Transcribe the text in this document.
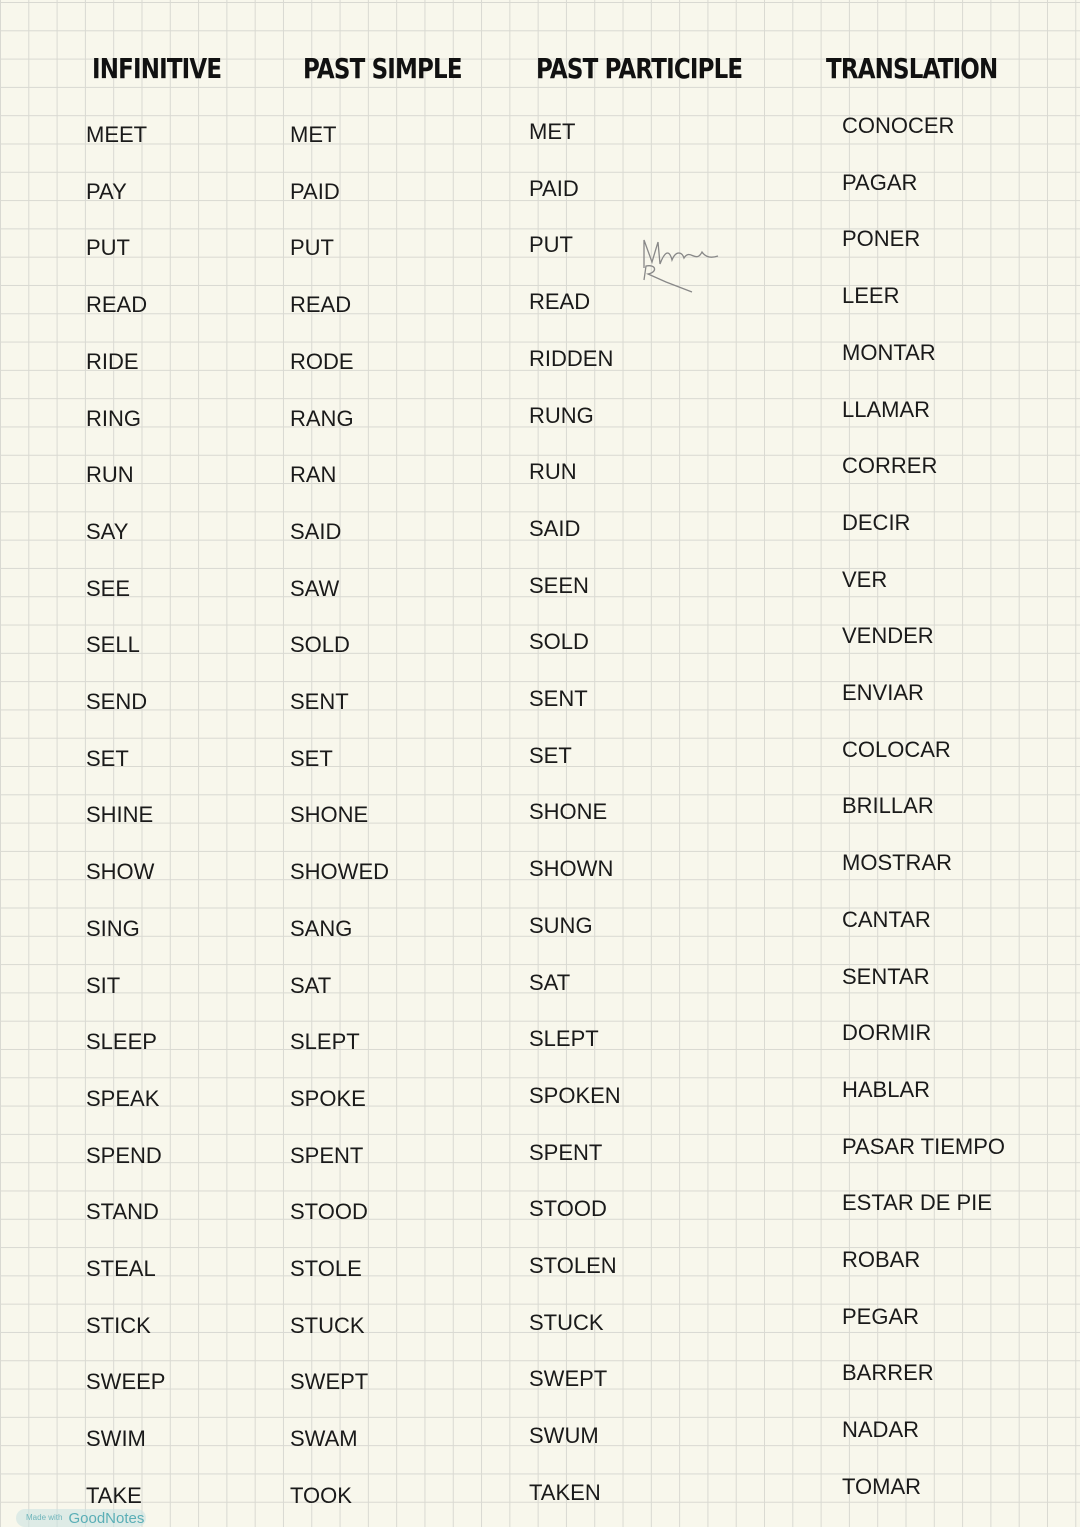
INFINITIVE	PAST SIMPLE	PAST PARTICIPLE	TRANSLATION
Made with GoodNotes
MEET	MET	MET	CONOCER
PAY	PAID	PAID	PAGAR
PUT	PUT	PUT	PONER
READ	READ	READ	LEER
RIDE	RODE	RIDDEN	MONTAR
RING	RANG	RUNG	LLAMAR
RUN	RAN	RUN	CORRER
SAY	SAID	SAID	DECIR
SEE	SAW	SEEN	VER
SELL	SOLD	SOLD	VENDER
SEND	SENT	SENT	ENVIAR
SET	SET	SET	COLOCAR
SHINE	SHONE	SHONE	BRILLAR
SHOW	SHOWED	SHOWN	MOSTRAR
SING	SANG	SUNG	CANTAR
SIT	SAT	SAT	SENTAR
SLEEP	SLEPT	SLEPT	DORMIR
SPEAK	SPOKE	SPOKEN	HABLAR
SPEND	SPENT	SPENT	PASAR TIEMPO
STAND	STOOD	STOOD	ESTAR DE PIE
STEAL	STOLE	STOLEN	ROBAR
STICK	STUCK	STUCK	PEGAR
SWEEP	SWEPT	SWEPT	BARRER
SWIM	SWAM	SWUM	NADAR
TAKE	TOOK	TAKEN	TOMAR
